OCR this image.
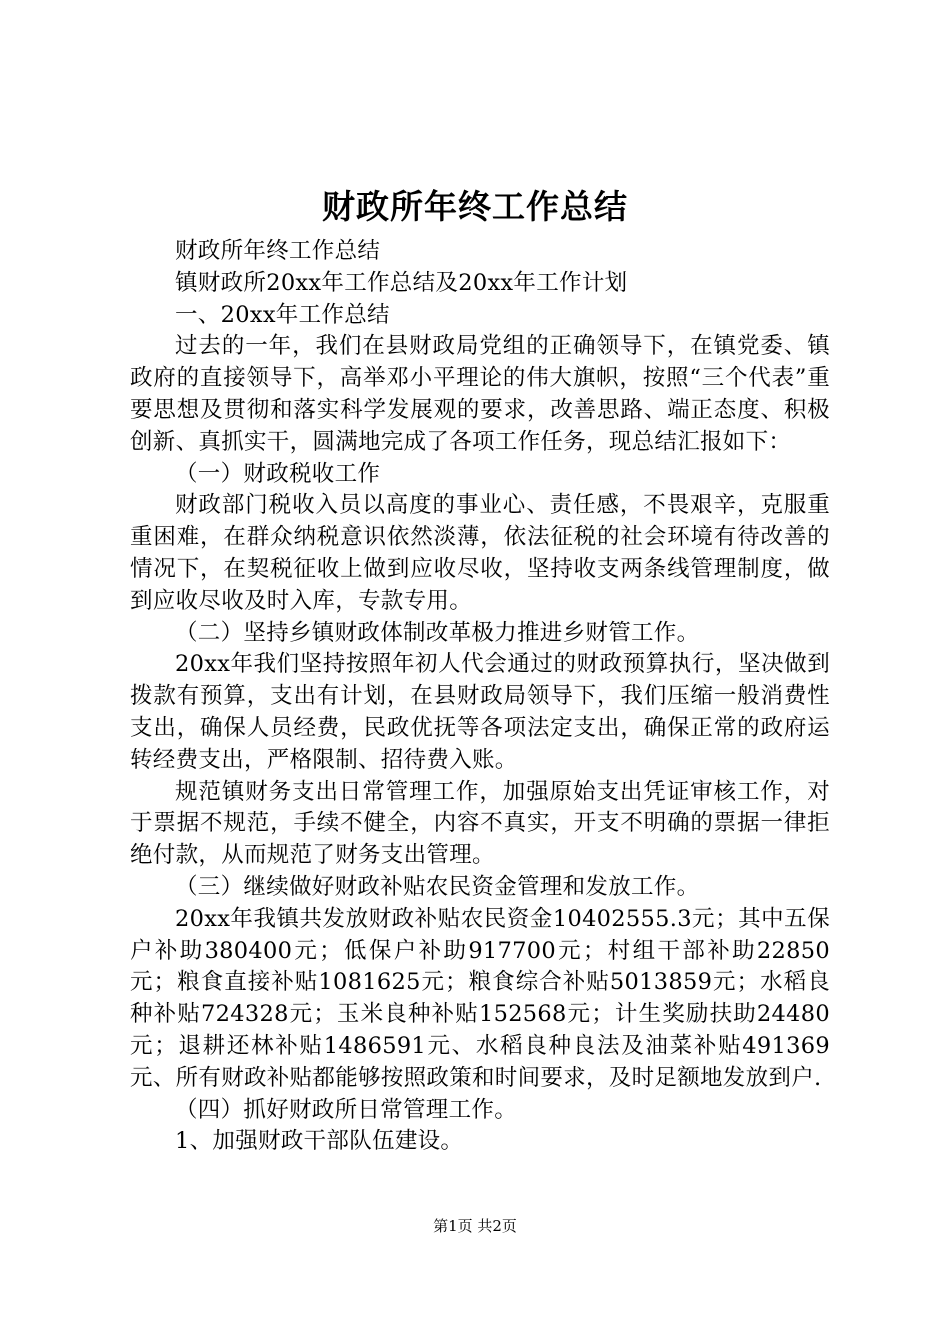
财政所年终工作总结

财政所年终工作总结

镇财政所20xx年工作总结及20xx年工作计划

一、20xx年工作总结

过去的一年，我们在县财政局党组的正确领导下，在镇党委、镇政府的直接领导下，高举邓小平理论的伟大旗帜，按照“三个代表”重要思想及贯彻和落实科学发展观的要求，改善思路、端正态度、积极创新、真抓实干，圆满地完成了各项工作任务，现总结汇报如下：

（一）财政税收工作

财政部门税收入员以高度的事业心、责任感，不畏艰辛，克服重重困难，在群众纳税意识依然淡薄，依法征税的社会环境有待改善的情况下，在契税征收上做到应收尽收，坚持收支两条线管理制度，做到应收尽收及时入库，专款专用。

（二）坚持乡镇财政体制改革极力推进乡财管工作。

20xx年我们坚持按照年初人代会通过的财政预算执行，坚决做到拨款有预算，支出有计划，在县财政局领导下，我们压缩一般消费性支出，确保人员经费，民政优抚等各项法定支出，确保正常的政府运转经费支出，严格限制、招待费入账。

规范镇财务支出日常管理工作，加强原始支出凭证审核工作，对于票据不规范，手续不健全，内容不真实，开支不明确的票据一律拒绝付款，从而规范了财务支出管理。

（三）继续做好财政补贴农民资金管理和发放工作。

20xx年我镇共发放财政补贴农民资金10402555.3元；其中五保户补助380400元；低保户补助917700元；村组干部补助22850元；粮食直接补贴1081625元；粮食综合补贴5013859元；水稻良种补贴724328元；玉米良种补贴152568元；计生奖励扶助24480元；退耕还林补贴1486591元、水稻良种良法及油菜补贴491369元、所有财政补贴都能够按照政策和时间要求，及时足额地发放到户.

（四）抓好财政所日常管理工作。

1、加强财政干部队伍建设。

第1页 共2页
